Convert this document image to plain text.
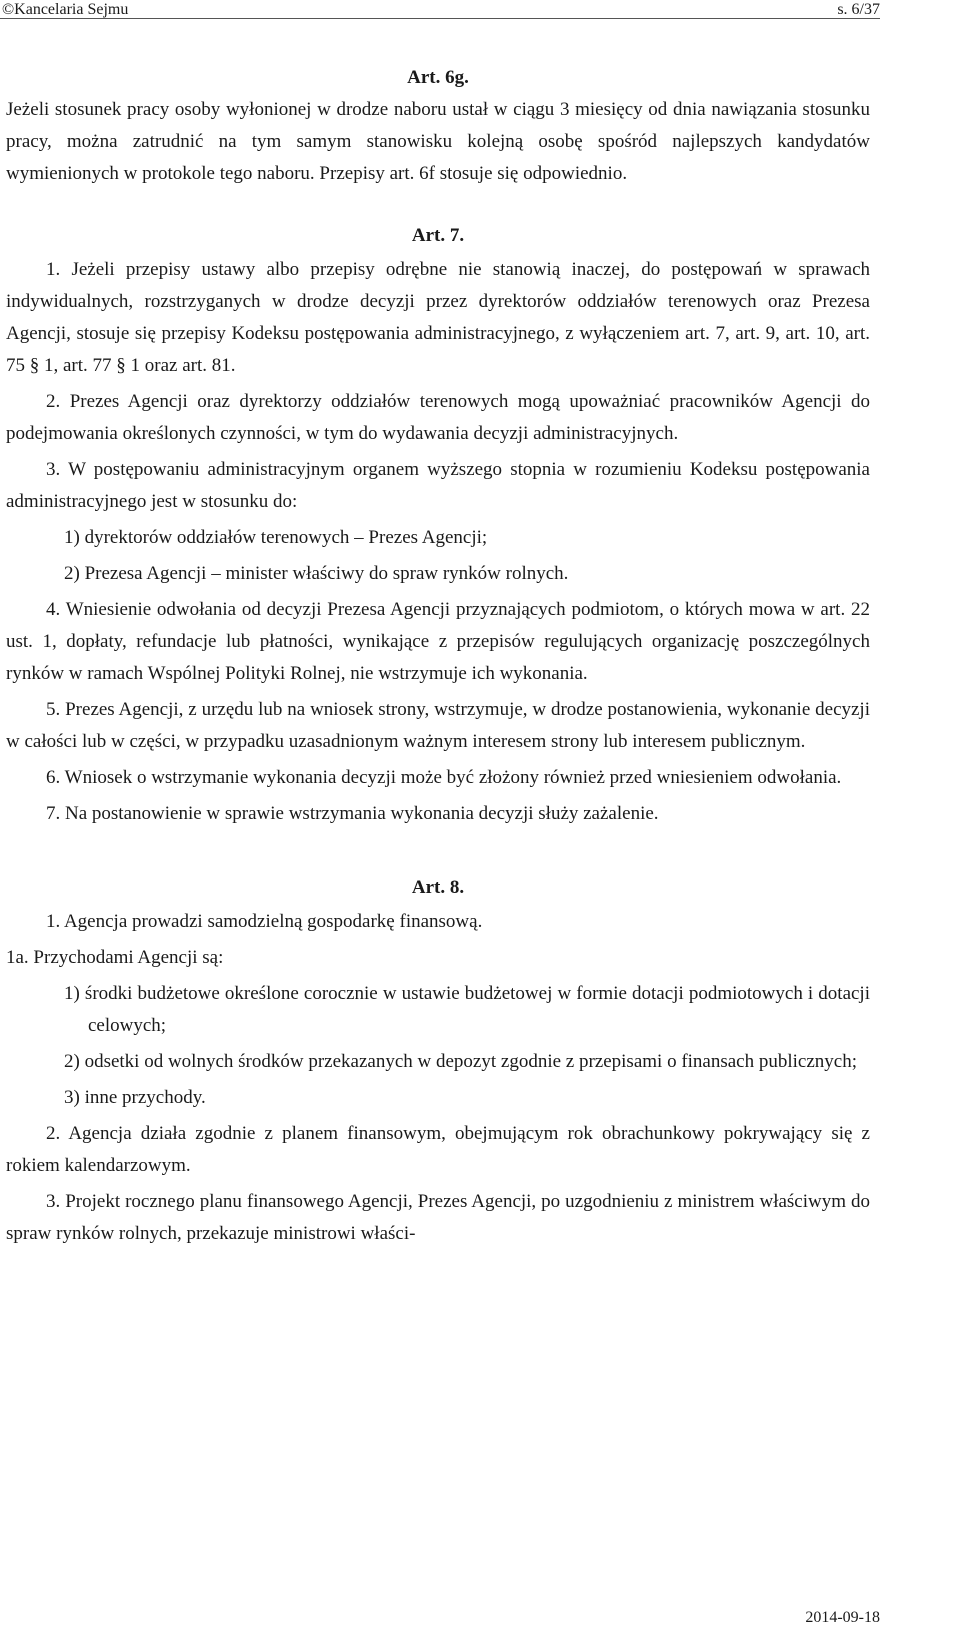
©Kancelaria Sejmu	s. 6/37
Art. 6g.

Jeżeli stosunek pracy osoby wyłonionej w drodze naboru ustał w ciągu 3 miesięcy od dnia nawiązania stosunku pracy, można zatrudnić na tym samym stanowisku kolejną osobę spośród najlepszych kandydatów wymienionych w protokole tego naboru. Przepisy art. 6f stosuje się odpowiednio.

Art. 7.

1. Jeżeli przepisy ustawy albo przepisy odrębne nie stanowią inaczej, do postępowań w sprawach indywidualnych, rozstrzyganych w drodze decyzji przez dyrektorów oddziałów terenowych oraz Prezesa Agencji, stosuje się przepisy Kodeksu postępowania administracyjnego, z wyłączeniem art. 7, art. 9, art. 10, art. 75 § 1, art. 77 § 1 oraz art. 81.

2. Prezes Agencji oraz dyrektorzy oddziałów terenowych mogą upoważniać pracowników Agencji do podejmowania określonych czynności, w tym do wydawania decyzji administracyjnych.

3. W postępowaniu administracyjnym organem wyższego stopnia w rozumieniu Kodeksu postępowania administracyjnego jest w stosunku do:

1) dyrektorów oddziałów terenowych – Prezes Agencji;

2) Prezesa Agencji – minister właściwy do spraw rynków rolnych.

4. Wniesienie odwołania od decyzji Prezesa Agencji przyznających podmiotom, o których mowa w art. 22 ust. 1, dopłaty, refundacje lub płatności, wynikające z przepisów regulujących organizację poszczególnych rynków w ramach Wspólnej Polityki Rolnej, nie wstrzymuje ich wykonania.

5. Prezes Agencji, z urzędu lub na wniosek strony, wstrzymuje, w drodze postanowienia, wykonanie decyzji w całości lub w części, w przypadku uzasadnionym ważnym interesem strony lub interesem publicznym.

6. Wniosek o wstrzymanie wykonania decyzji może być złożony również przed wniesieniem odwołania.

7. Na postanowienie w sprawie wstrzymania wykonania decyzji służy zażalenie.

Art. 8.

1. Agencja prowadzi samodzielną gospodarkę finansową.

1a. Przychodami Agencji są:

1) środki budżetowe określone corocznie w ustawie budżetowej w formie dotacji podmiotowych i dotacji celowych;

2) odsetki od wolnych środków przekazanych w depozyt zgodnie z przepisami o finansach publicznych;

3) inne przychody.

2. Agencja działa zgodnie z planem finansowym, obejmującym rok obrachunkowy pokrywający się z rokiem kalendarzowym.

3. Projekt rocznego planu finansowego Agencji, Prezes Agencji, po uzgodnieniu z ministrem właściwym do spraw rynków rolnych, przekazuje ministrowi właści-

2014-09-18
